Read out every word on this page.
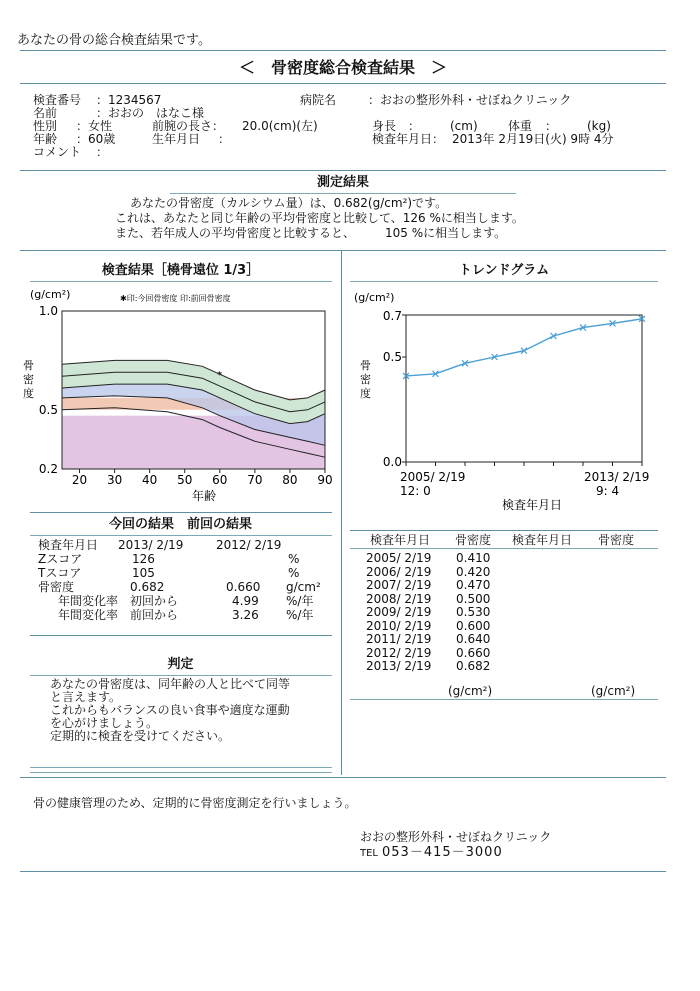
あなたの骨の総合検査結果です。
＜　骨密度総合検査結果　＞
検査番号 ：1234567	病院名	：おおの整形外科・せぼねクリニック
名前	：おおの　はなこ様
性別 ：女性	前腕の長さ： 20.0(cm)(左)	身長 ：　　　(cm)	体重 ：　　　(kg)
年齢 ：60歳	生年月日 ：	検査年月日： 2013年 2月19日(火) 9時 4分
コメント ：
測定結果
あなたの骨密度（カルシウム量）は、0.682(g/cm²)です。
これは、あなたと同じ年齢の平均骨密度と比較して、126 %に相当します。
また、若年成人の平均骨密度と比較すると、　　　105 %に相当します。
検査結果［橈骨遠位 1/3］	トレンドグラム
(g/cm²)	✱印:今回骨密度 印:前回骨密度
*
骨
密
度
1.0
0.5
0.2
20 30 40 50 60 70 80 90
年齢
(g/cm²)
骨
密
度
0.7
0.5
0.0
2005/ 2/19
12: 0
2013/ 2/19
9: 4
検査年月日
今回の結果　前回の結果
検査年月日 2013/ 2/19	2012/ 2/19
Zスコア	126	%
Tスコア	105	%
骨密度	0.682	0.660 g/cm²
年間変化率　初回から	4.99 %/年
年間変化率　前回から	3.26 %/年
検査年月日 骨密度 検査年月日 骨密度
2005/ 2/19 0.410
2006/ 2/19 0.420
2007/ 2/19 0.470
2008/ 2/19 0.500
2009/ 2/19 0.530
2010/ 2/19 0.600
2011/ 2/19 0.640
2012/ 2/19 0.660
2013/ 2/19 0.682
(g/cm²)	(g/cm²)
判定
あなたの骨密度は、同年齢の人と比べて同等
と言えます。
これからもバランスの良い食事や適度な運動
を心がけましょう。
定期的に検査を受けてください。
骨の健康管理のため、定期的に骨密度測定を行いましょう。
おおの整形外科・せぼねクリニック
TEL 053－415－3000
